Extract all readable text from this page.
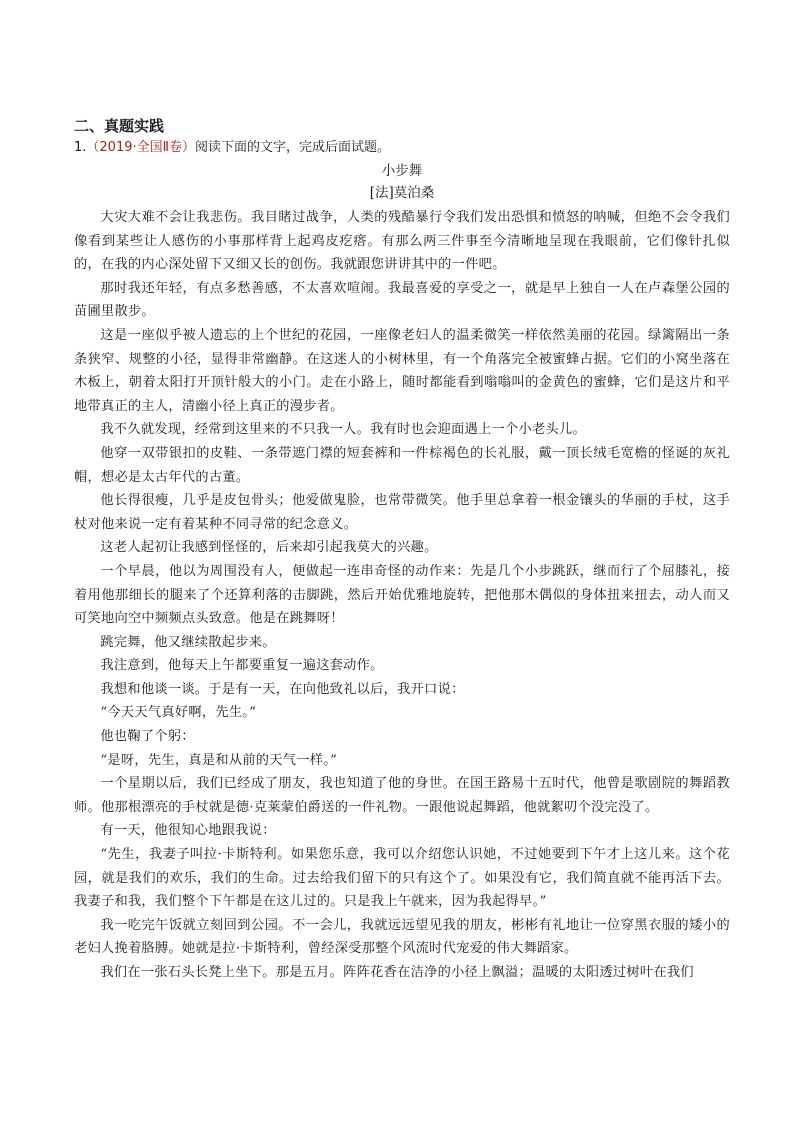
二、真题实践

1.（2019·全国Ⅱ卷）阅读下面的文字，完成后面试题。

小步舞
[法]莫泊桑

大灾大难不会让我悲伤。我目睹过战争，人类的残酷暴行令我们发出恐惧和愤怒的呐喊，但绝不会令我们像看到某些让人感伤的小事那样背上起鸡皮疙瘩。有那么两三件事至今清晰地呈现在我眼前，它们像针扎似的，在我的内心深处留下又细又长的创伤。我就跟您讲讲其中的一件吧。

那时我还年轻，有点多愁善感，不太喜欢喧闹。我最喜爱的享受之一，就是早上独自一人在卢森堡公园的苗圃里散步。

这是一座似乎被人遗忘的上个世纪的花园，一座像老妇人的温柔微笑一样依然美丽的花园。绿篱隔出一条条狭窄、规整的小径，显得非常幽静。在这迷人的小树林里，有一个角落完全被蜜蜂占据。它们的小窝坐落在木板上，朝着太阳打开顶针般大的小门。走在小路上，随时都能看到嗡嗡叫的金黄色的蜜蜂，它们是这片和平地带真正的主人，清幽小径上真正的漫步者。

我不久就发现，经常到这里来的不只我一人。我有时也会迎面遇上一个小老头儿。

他穿一双带银扣的皮鞋、一条带遮门襟的短套裤和一件棕褐色的长礼服，戴一顶长绒毛宽檐的怪诞的灰礼帽，想必是太古年代的古董。

他长得很瘦，几乎是皮包骨头；他爱做鬼脸，也常带微笑。他手里总拿着一根金镶头的华丽的手杖，这手杖对他来说一定有着某种不同寻常的纪念意义。

这老人起初让我感到怪怪的，后来却引起我莫大的兴趣。

一个早晨，他以为周围没有人，便做起一连串奇怪的动作来：先是几个小步跳跃，继而行了个屈膝礼，接着用他那细长的腿来了个还算利落的击脚跳，然后开始优雅地旋转，把他那木偶似的身体扭来扭去，动人而又可笑地向空中频频点头致意。他是在跳舞呀！

跳完舞，他又继续散起步来。

我注意到，他每天上午都要重复一遍这套动作。

我想和他谈一谈。于是有一天，在向他致礼以后，我开口说：

“今天天气真好啊，先生。”

他也鞠了个躬：

“是呀，先生，真是和从前的天气一样。”

一个星期以后，我们已经成了朋友，我也知道了他的身世。在国王路易十五时代，他曾是歌剧院的舞蹈教师。他那根漂亮的手杖就是德·克莱蒙伯爵送的一件礼物。一跟他说起舞蹈，他就絮叨个没完没了。

有一天，他很知心地跟我说：

“先生，我妻子叫拉·卡斯特利。如果您乐意，我可以介绍您认识她，不过她要到下午才上这儿来。这个花园，就是我们的欢乐，我们的生命。过去给我们留下的只有这个了。如果没有它，我们简直就不能再活下去。我妻子和我，我们整个下午都是在这儿过的。只是我上午就来，因为我起得早。”

我一吃完午饭就立刻回到公园。不一会儿，我就远远望见我的朋友，彬彬有礼地让一位穿黑衣服的矮小的老妇人挽着胳膊。她就是拉·卡斯特利，曾经深受那整个风流时代宠爱的伟大舞蹈家。

我们在一张石头长凳上坐下。那是五月。阵阵花香在洁净的小径上飘溢；温暖的太阳透过树叶在我们
